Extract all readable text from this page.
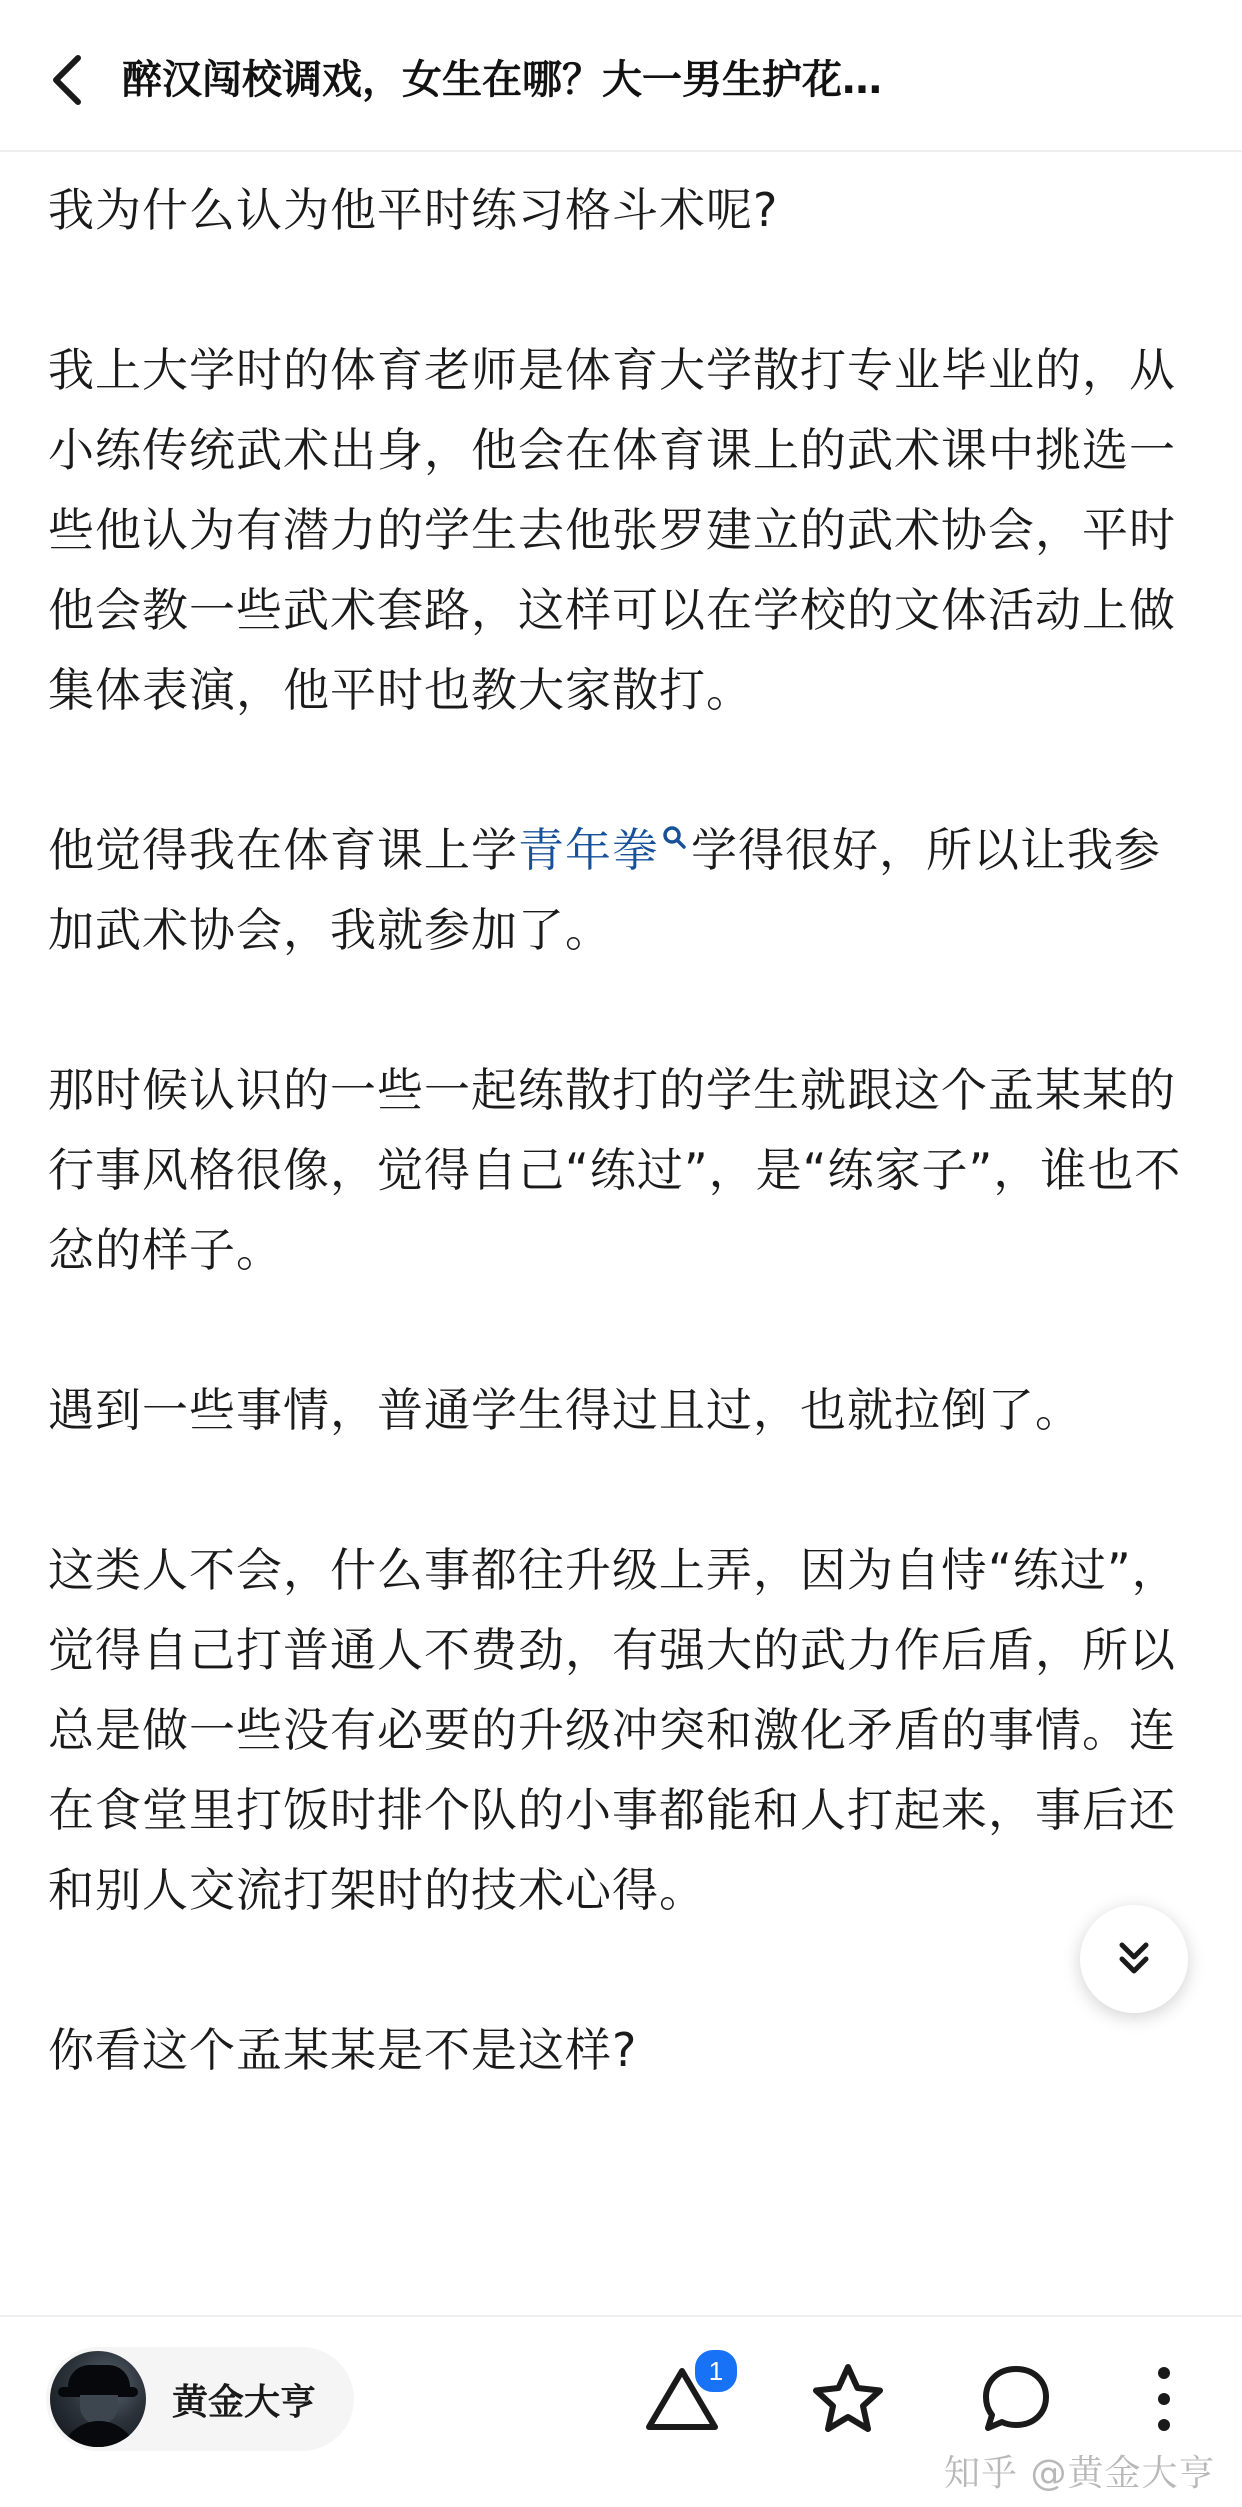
醉汉闯校调戏，女生在哪？大一男生护花…

我为什么认为他平时练习格斗术呢?

我上大学时的体育老师是体育大学散打专业毕业的，从小练传统武术出身，他会在体育课上的武术课中挑选一些他认为有潜力的学生去他张罗建立的武术协会，平时他会教一些武术套路，这样可以在学校的文体活动上做集体表演，他平时也教大家散打。

他觉得我在体育课上学青年拳 学得很好，所以让我参加武术协会，我就参加了。

那时候认识的一些一起练散打的学生就跟这个孟某某的行事风格很像，觉得自己“练过”，是“练家子”，谁也不忿的样子。

遇到一些事情，普通学生得过且过，也就拉倒了。

这类人不会，什么事都往升级上弄，因为自恃“练过”，觉得自己打普通人不费劲，有强大的武力作后盾，所以总是做一些没有必要的升级冲突和激化矛盾的事情。连在食堂里打饭时排个队的小事都能和人打起来，事后还和别人交流打架时的技术心得。

你看这个孟某某是不是这样?

黄金大亨
1
知乎 @黄金大亨
